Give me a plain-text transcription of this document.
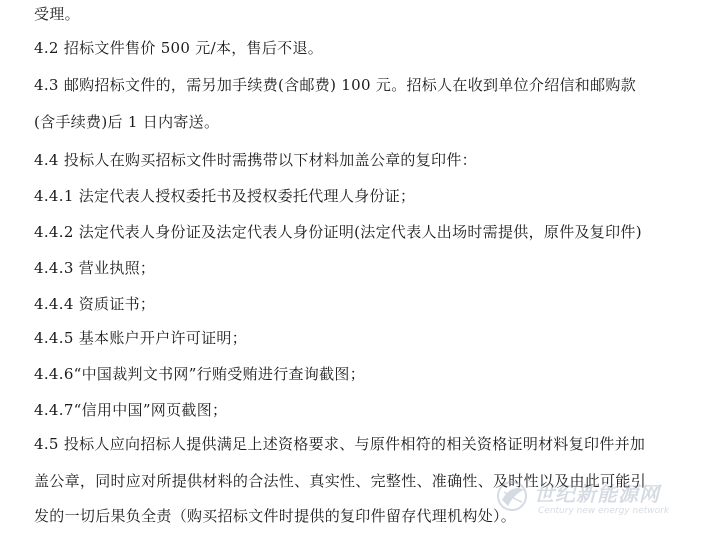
受理。
4.2 招标文件售价 500 元/本，售后不退。
4.3 邮购招标文件的，需另加手续费(含邮费) 100 元。招标人在收到单位介绍信和邮购款
(含手续费)后 1 日内寄送。
4.4 投标人在购买招标文件时需携带以下材料加盖公章的复印件：
4.4.1 法定代表人授权委托书及授权委托代理人身份证；
4.4.2 法定代表人身份证及法定代表人身份证明(法定代表人出场时需提供，原件及复印件)
4.4.3 营业执照；
4.4.4 资质证书；
4.4.5 基本账户开户许可证明；
4.4.6“中国裁判文书网”行贿受贿进行查询截图；
4.4.7“信用中国”网页截图；
4.5 投标人应向招标人提供满足上述资格要求、与原件相符的相关资格证明材料复印件并加
盖公章，同时应对所提供材料的合法性、真实性、完整性、准确性、及时性以及由此可能引
发的一切后果负全责（购买招标文件时提供的复印件留存代理机构处）。
世纪新能源网
Century new energy network
